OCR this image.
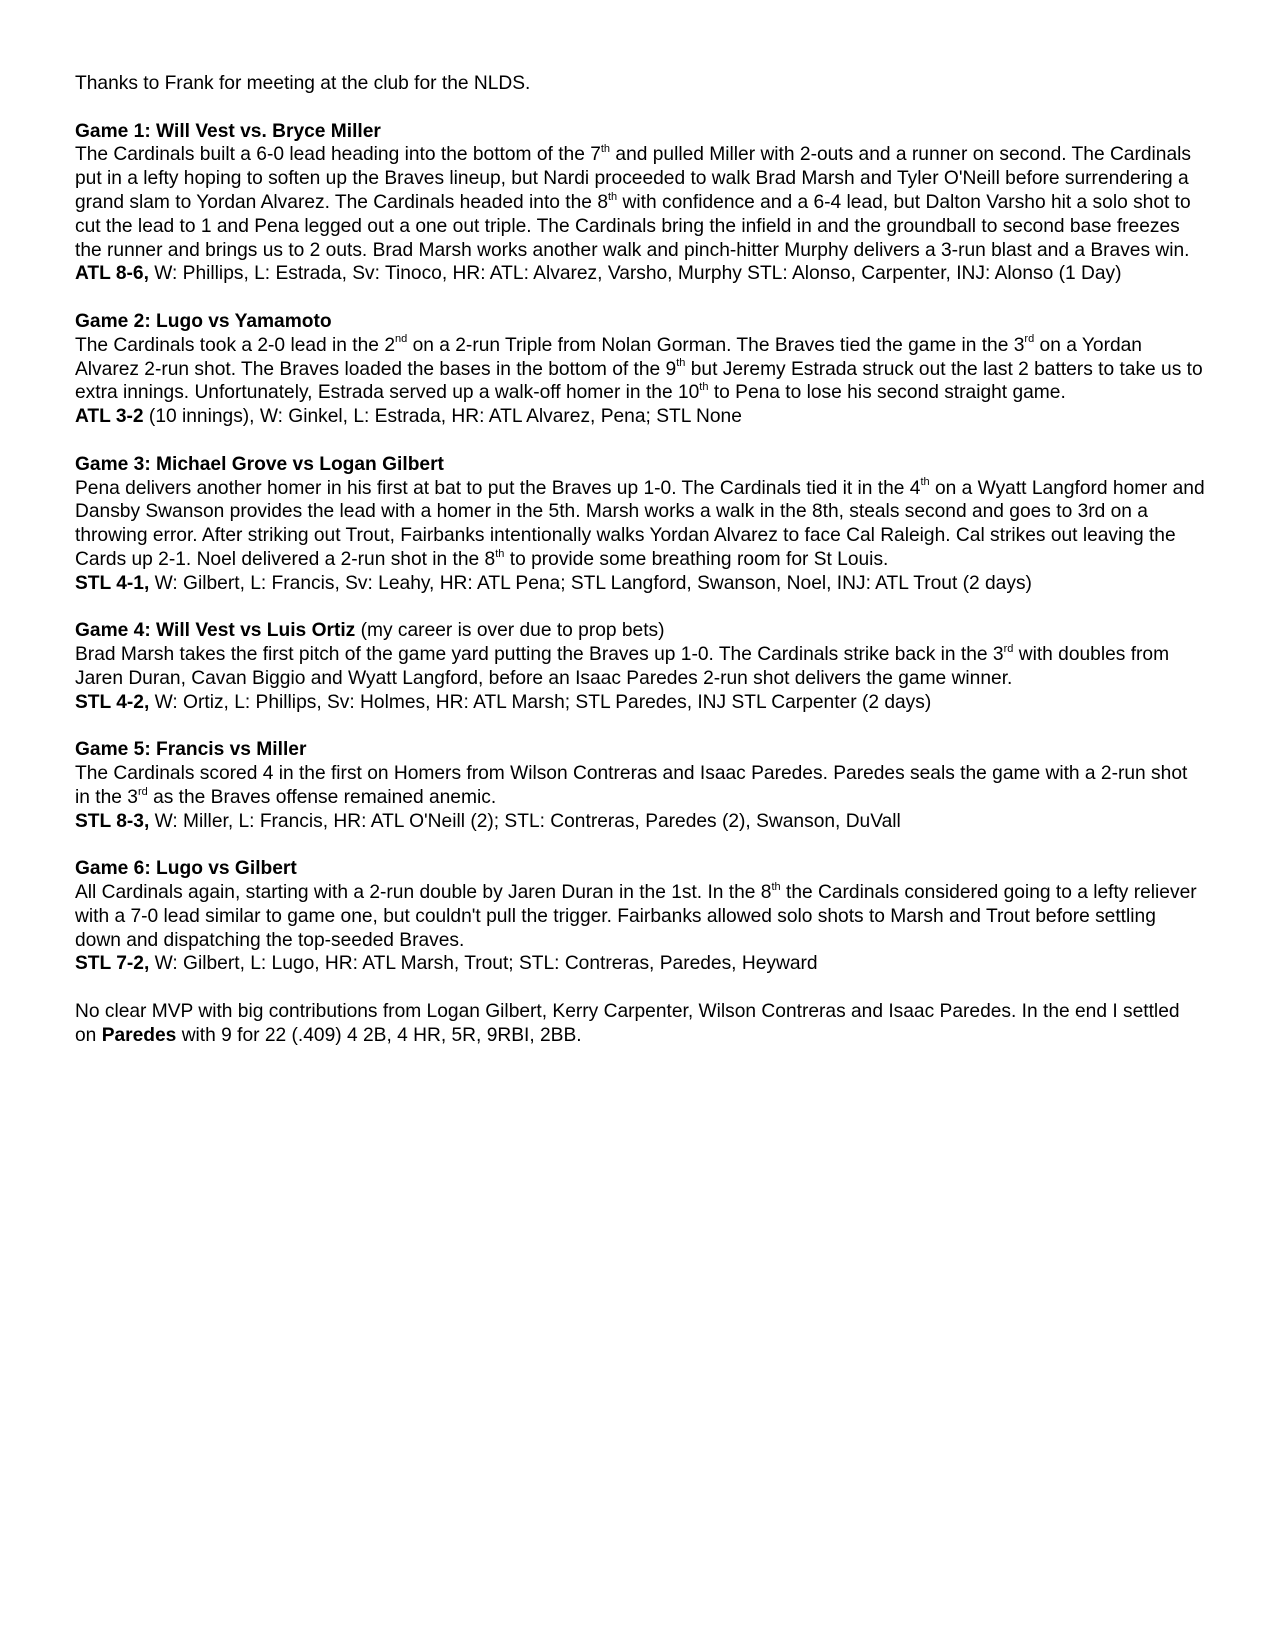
Thanks to Frank for meeting at the club for the NLDS.

Game 1: Will Vest vs. Bryce Miller

The Cardinals built a 6-0 lead heading into the bottom of the 7th and pulled Miller with 2-outs and a runner on second. The Cardinals put in a lefty hoping to soften up the Braves lineup, but Nardi proceeded to walk Brad Marsh and Tyler O'Neill before surrendering a grand slam to Yordan Alvarez. The Cardinals headed into the 8th with confidence and a 6-4 lead, but Dalton Varsho hit a solo shot to cut the lead to 1 and Pena legged out a one out triple. The Cardinals bring the infield in and the groundball to second base freezes the runner and brings us to 2 outs. Brad Marsh works another walk and pinch-hitter Murphy delivers a 3-run blast and a Braves win.

ATL 8-6, W: Phillips, L: Estrada, Sv: Tinoco, HR: ATL: Alvarez, Varsho, Murphy STL: Alonso, Carpenter, INJ: Alonso (1 Day)

Game 2: Lugo vs Yamamoto

The Cardinals took a 2-0 lead in the 2nd on a 2-run Triple from Nolan Gorman. The Braves tied the game in the 3rd on a Yordan Alvarez 2-run shot. The Braves loaded the bases in the bottom of the 9th but Jeremy Estrada struck out the last 2 batters to take us to extra innings. Unfortunately, Estrada served up a walk-off homer in the 10th to Pena to lose his second straight game.

ATL 3-2 (10 innings), W: Ginkel, L: Estrada, HR: ATL Alvarez, Pena; STL None

Game 3: Michael Grove vs Logan Gilbert

Pena delivers another homer in his first at bat to put the Braves up 1-0. The Cardinals tied it in the 4th on a Wyatt Langford homer and Dansby Swanson provides the lead with a homer in the 5th. Marsh works a walk in the 8th, steals second and goes to 3rd on a throwing error. After striking out Trout, Fairbanks intentionally walks Yordan Alvarez to face Cal Raleigh. Cal strikes out leaving the Cards up 2-1. Noel delivered a 2-run shot in the 8th to provide some breathing room for St Louis.

STL 4-1, W: Gilbert, L: Francis, Sv: Leahy, HR: ATL Pena; STL Langford, Swanson, Noel, INJ: ATL Trout (2 days)

Game 4: Will Vest vs Luis Ortiz (my career is over due to prop bets)

Brad Marsh takes the first pitch of the game yard putting the Braves up 1-0. The Cardinals strike back in the 3rd with doubles from Jaren Duran, Cavan Biggio and Wyatt Langford, before an Isaac Paredes 2-run shot delivers the game winner.

STL 4-2, W: Ortiz, L: Phillips, Sv: Holmes, HR: ATL Marsh; STL Paredes, INJ STL Carpenter (2 days)

Game 5: Francis vs Miller

The Cardinals scored 4 in the first on Homers from Wilson Contreras and Isaac Paredes. Paredes seals the game with a 2-run shot in the 3rd as the Braves offense remained anemic.

STL 8-3, W: Miller, L: Francis, HR: ATL O'Neill (2); STL: Contreras, Paredes (2), Swanson, DuVall

Game 6: Lugo vs Gilbert

All Cardinals again, starting with a 2-run double by Jaren Duran in the 1st. In the 8th the Cardinals considered going to a lefty reliever with a 7-0 lead similar to game one, but couldn't pull the trigger. Fairbanks allowed solo shots to Marsh and Trout before settling down and dispatching the top-seeded Braves.

STL 7-2, W: Gilbert, L: Lugo, HR: ATL Marsh, Trout; STL: Contreras, Paredes, Heyward

No clear MVP with big contributions from Logan Gilbert, Kerry Carpenter, Wilson Contreras and Isaac Paredes. In the end I settled on Paredes with 9 for 22 (.409) 4 2B, 4 HR, 5R, 9RBI, 2BB.
